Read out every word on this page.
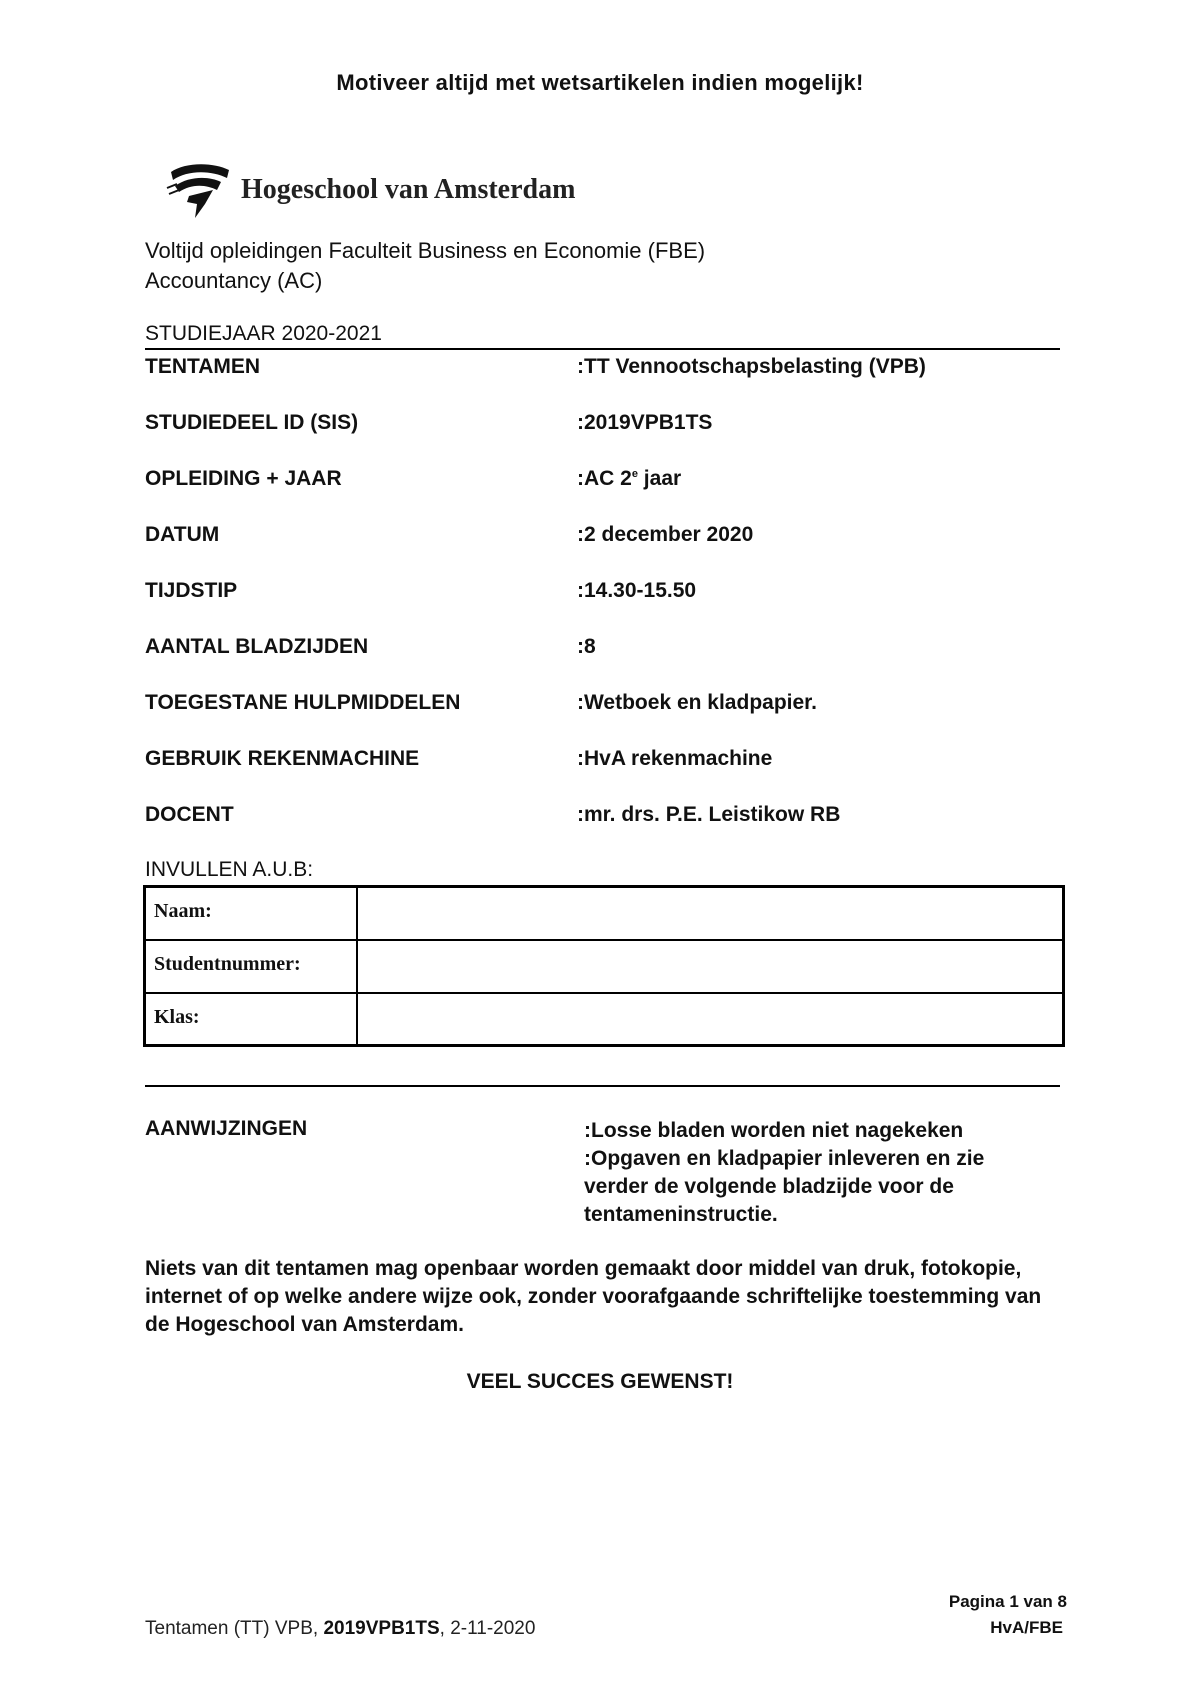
Motiveer altijd met wetsartikelen indien mogelijk!
Hogeschool van Amsterdam
Voltijd opleidingen Faculteit Business en Economie (FBE)
Accountancy (AC)
STUDIEJAAR 2020-2021
TENTAMEN	:TT Vennootschapsbelasting (VPB)
STUDIEDEEL ID (SIS)	:2019VPB1TS
OPLEIDING + JAAR	:AC 2e jaar
DATUM	:2 december 2020
TIJDSTIP	:14.30-15.50
AANTAL BLADZIJDEN	:8
TOEGESTANE HULPMIDDELEN	:Wetboek en kladpapier.
GEBRUIK REKENMACHINE	:HvA rekenmachine
DOCENT	:mr. drs. P.E. Leistikow RB
INVULLEN A.U.B:
Naam:	
Studentnummer:	
Klas:	
AANWIJZINGEN	:Losse bladen worden niet nagekeken
:Opgaven en kladpapier inleveren en zie verder de volgende bladzijde voor de tentameninstructie.
Niets van dit tentamen mag openbaar worden gemaakt door middel van druk, fotokopie, internet of op welke andere wijze ook, zonder voorafgaande schriftelijke toestemming van de Hogeschool van Amsterdam.
VEEL SUCCES GEWENST!
Pagina 1 van 8
Tentamen (TT) VPB, 2019VPB1TS, 2-11-2020	HvA/FBE
